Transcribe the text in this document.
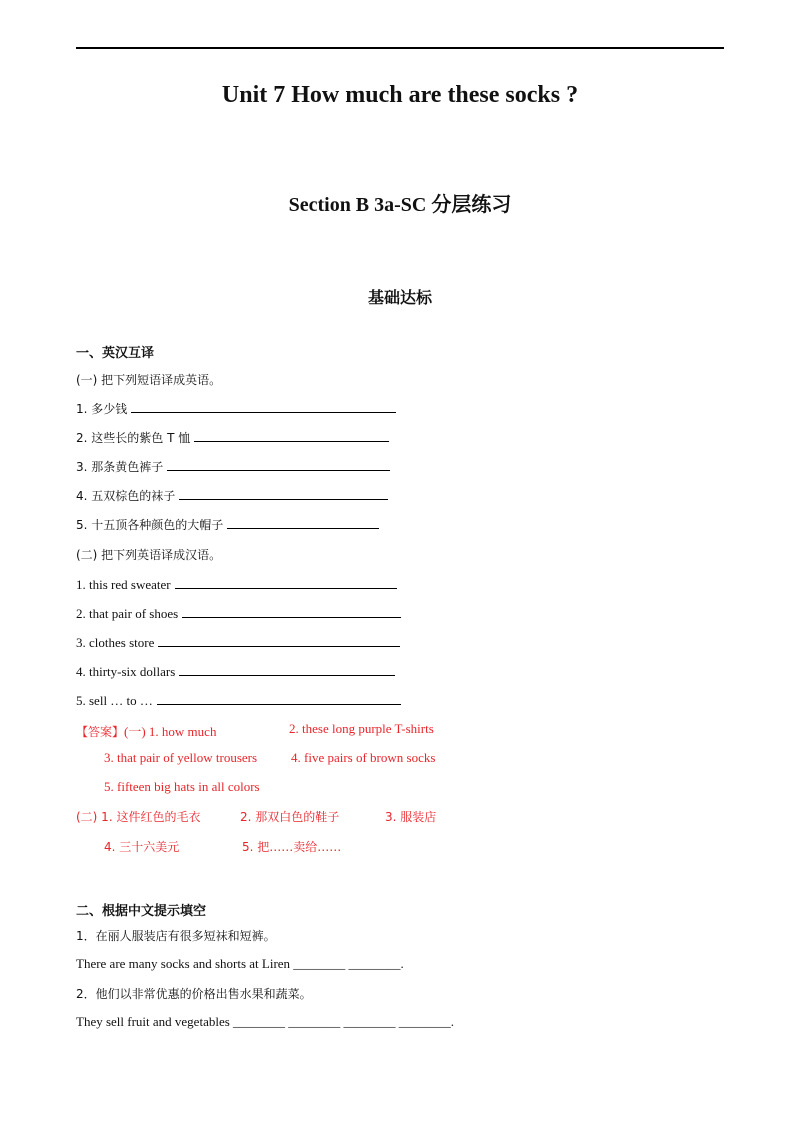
Unit 7 How much are these socks ?
Section B 3a-SC 分层练习
基础达标
一、英汉互译
(一) 把下列短语译成英语。
1. 多少钱
2. 这些长的紫色 T 恤
3. 那条黄色裤子
4. 五双棕色的袜子
5. 十五顶各种颜色的大帽子
(二) 把下列英语译成汉语。
1. this red sweater
2. that pair of shoes
3. clothes store
4. thirty-six dollars
5. sell … to …
【答案】(一) 1. how much	2. these long purple T-shirts
3. that pair of yellow trousers	4. five pairs of brown socks
5. fifteen big hats in all colors
(二) 1. 这件红色的毛衣	2. 那双白色的鞋子	3. 服装店
4. 三十六美元	5. 把……卖给……
二、根据中文提示填空
1．在丽人服装店有很多短袜和短裤。
There are many socks and shorts at Liren ________ ________.
2．他们以非常优惠的价格出售水果和蔬菜。
They sell fruit and vegetables ________ ________ ________ ________.
